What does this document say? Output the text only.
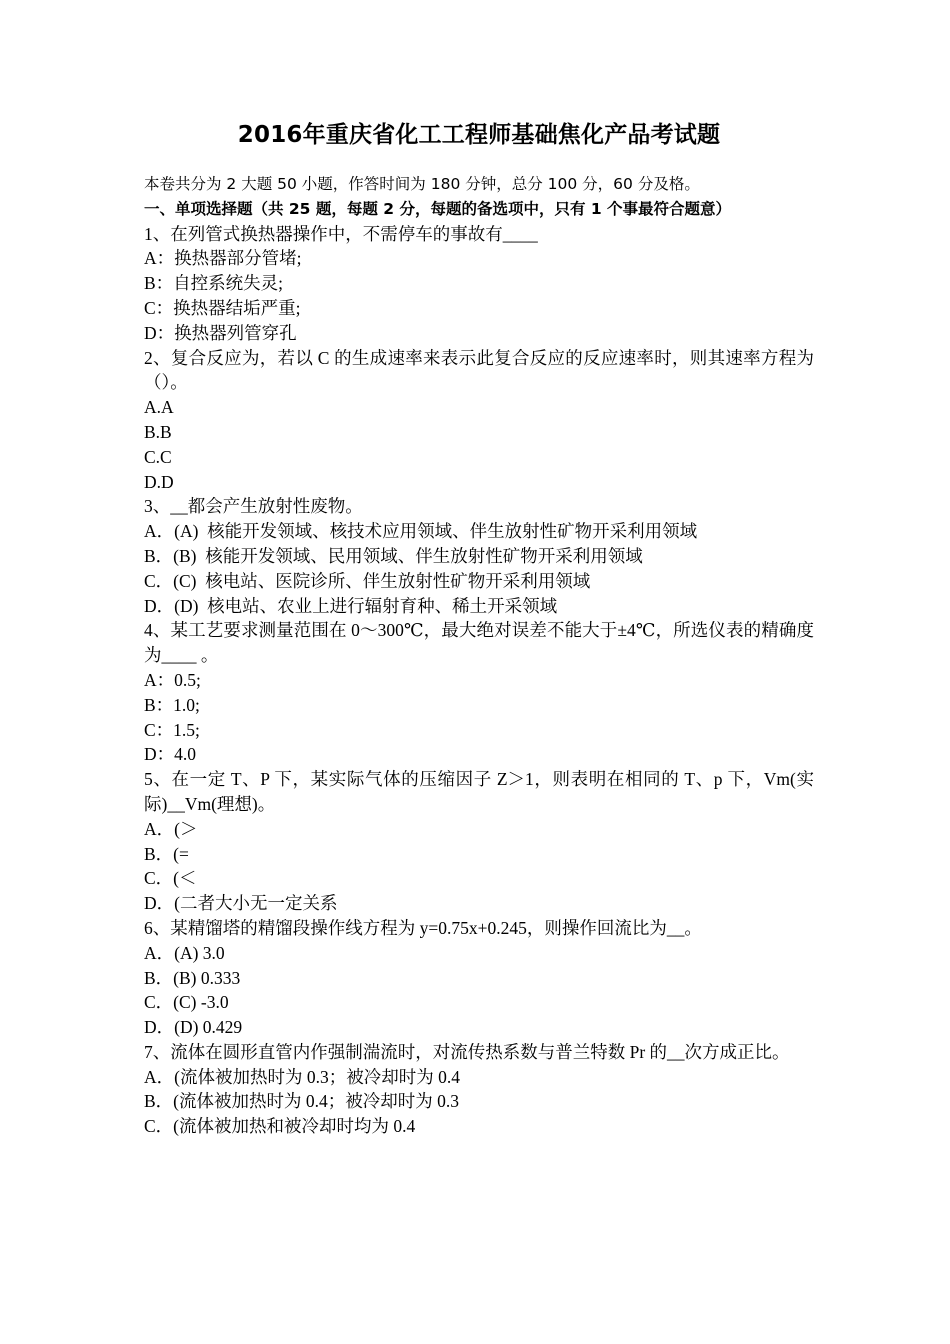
2016年重庆省化工工程师基础焦化产品考试题
本卷共分为 2 大题 50 小题，作答时间为 180 分钟，总分 100 分，60 分及格。
一、单项选择题（共 25 题，每题 2 分，每题的备选项中，只有 1 个事最符合题意）
1、在列管式换热器操作中，不需停车的事故有____
A：换热器部分管堵;
B：自控系统失灵;
C：换热器结垢严重;
D：换热器列管穿孔
2、复合反应为，若以 C 的生成速率来表示此复合反应的反应速率时，则其速率方程为（）。
A.A
B.B
C.C
D.D
3、__都会产生放射性废物。
A．(A)  核能开发领域、核技术应用领域、伴生放射性矿物开采利用领域
B．(B)  核能开发领域、民用领域、伴生放射性矿物开采利用领域
C．(C)  核电站、医院诊所、伴生放射性矿物开采利用领域
D．(D)  核电站、农业上进行辐射育种、稀土开采领域
4、某工艺要求测量范围在 0～300℃，最大绝对误差不能大于±4℃，所选仪表的精确度为____ 。
A：0.5;
B：1.0;
C：1.5;
D：4.0
5、在一定 T、P 下，某实际气体的压缩因子 Z＞1，则表明在相同的 T、p 下，Vm(实际)__Vm(理想)。
A．(＞
B．(=
C．(＜
D．(二者大小无一定关系
6、某精馏塔的精馏段操作线方程为 y=0.75x+0.245，则操作回流比为__。
A．(A) 3.0
B．(B) 0.333
C．(C) -3.0
D．(D) 0.429
7、流体在圆形直管内作强制湍流时，对流传热系数与普兰特数 Pr 的__次方成正比。
A．(流体被加热时为 0.3；被冷却时为 0.4
B．(流体被加热时为 0.4；被冷却时为 0.3
C．(流体被加热和被冷却时均为 0.4
